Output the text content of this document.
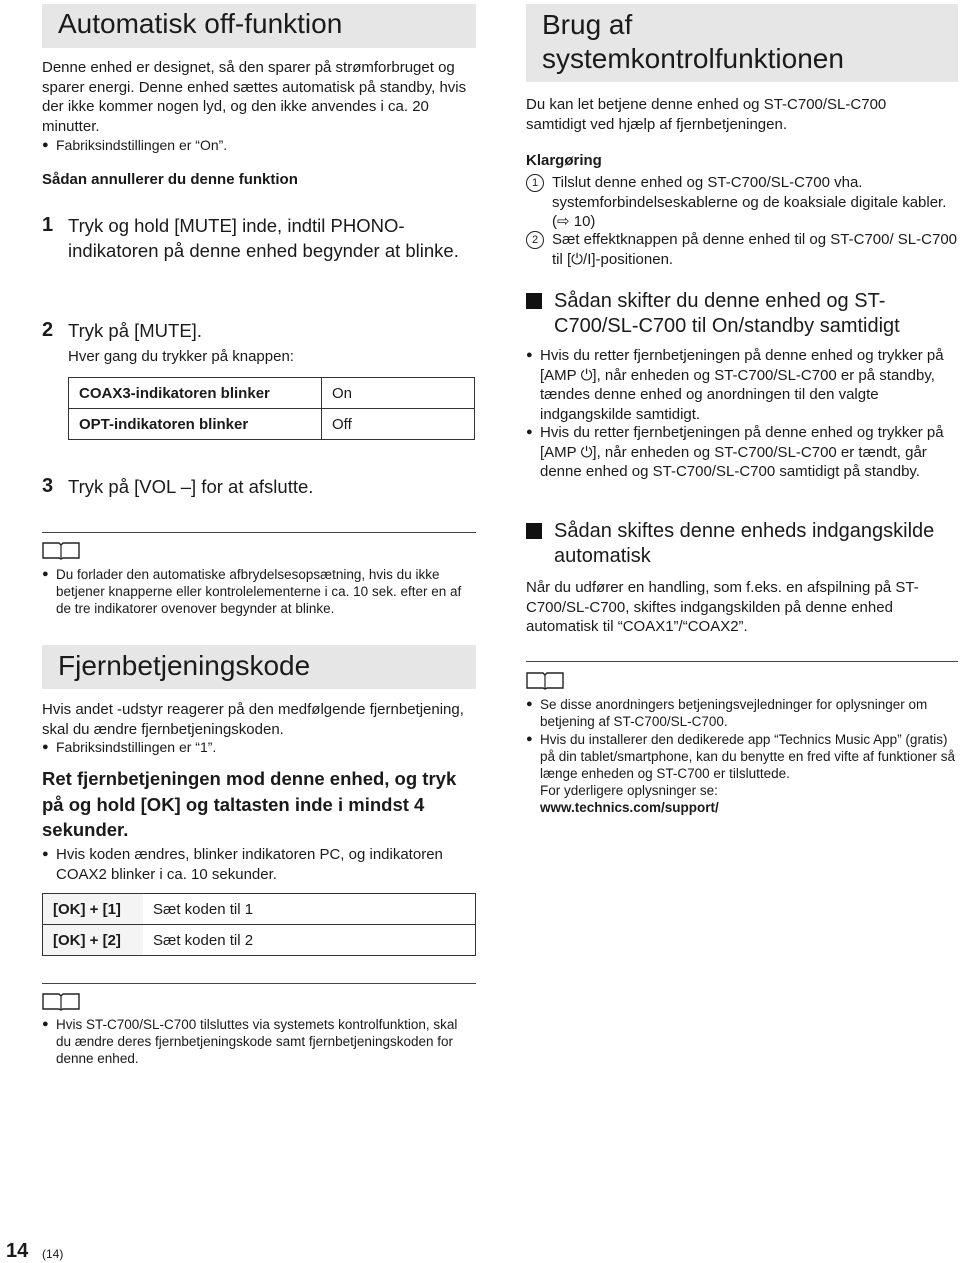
Automatisk off-funktion

Denne enhed er designet, så den sparer på strømforbruget og sparer energi. Denne enhed sættes automatisk på standby, hvis der ikke kommer nogen lyd, og den ikke anvendes i ca. 20 minutter.

● Fabriksindstillingen er “On”.
Sådan annullerer du denne funktion
1 Tryk og hold [MUTE] inde, indtil PHONO-indikatoren på denne enhed begynder at blinke.
2 Tryk på [MUTE].
Hver gang du trykker på knappen:
COAX3-indikatoren blinker	On
OPT-indikatoren blinker	Off
3 Tryk på [VOL –] for at afslutte.
● Du forlader den automatiske afbrydelsesopsætning, hvis du ikke betjener knapperne eller kontrolelementerne i ca. 10 sek. efter en af de tre indikatorer ovenover begynder at blinke.
Fjernbetjeningskode

Hvis andet -udstyr reagerer på den medfølgende fjernbetjening, skal du ændre fjernbetjeningskoden.

● Fabriksindstillingen er “1”.
Ret fjernbetjeningen mod denne enhed, og tryk på og hold [OK] og taltasten inde i mindst 4 sekunder.
● Hvis koden ændres, blinker indikatoren PC, og indikatoren COAX2 blinker i ca. 10 sekunder.
[OK] + [1]	Sæt koden til 1
[OK] + [2]	Sæt koden til 2
● Hvis ST-C700/SL-C700 tilsluttes via systemets kontrolfunktion, skal du ændre deres fjernbetjeningskode samt fjernbetjeningskoden for denne enhed.
Brug af
systemkontrolfunktionen

Du kan let betjene denne enhed og ST-C700/SL-C700 samtidigt ved hjælp af fjernbetjeningen.

Klargøring
1 Tilslut denne enhed og ST-C700/SL-C700 vha. systemforbindelseskablerne og de koaksiale digitale kabler. (⇨ 10)
2 Sæt effektknappen på denne enhed til og ST-C700/ SL-C700 til [⏻/I]-positionen.
Sådan skifter du denne enhed og ST-C700/SL-C700 til On/standby samtidigt
● Hvis du retter fjernbetjeningen på denne enhed og trykker på [AMP ⏻], når enheden og ST-C700/SL-C700 er på standby, tændes denne enhed og anordningen til den valgte indgangskilde samtidigt.
● Hvis du retter fjernbetjeningen på denne enhed og trykker på [AMP ⏻], når enheden og ST-C700/SL-C700 er tændt, går denne enhed og ST-C700/SL-C700 samtidigt på standby.
Sådan skiftes denne enheds indgangskilde automatisk

Når du udfører en handling, som f.eks. en afspilning på ST-C700/SL-C700, skiftes indgangskilden på denne enhed automatisk til “COAX1”/“COAX2”.

● Se disse anordningers betjeningsvejledninger for oplysninger om betjening af ST-C700/SL-C700.
● Hvis du installerer den dedikerede app “Technics Music App” (gratis) på din tablet/smartphone, kan du benytte en fred vifte af funktioner så længe enheden og ST-C700 er tilsluttede.
For yderligere oplysninger se:
www.technics.com/support/
14 (14)
